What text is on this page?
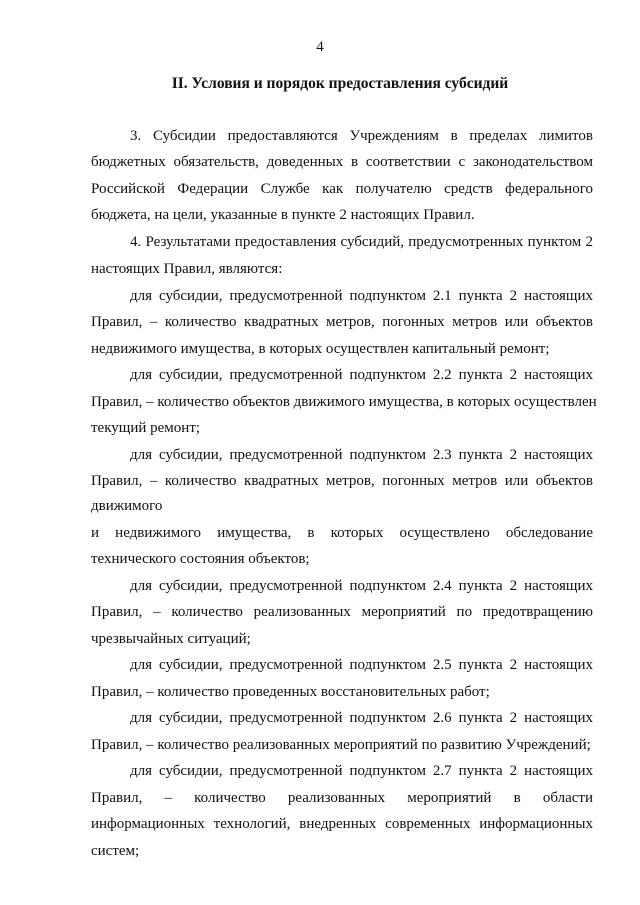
4
II. Условия и порядок предоставления субсидий
3. Субсидии предоставляются Учреждениям в пределах лимитов
бюджетных обязательств, доведенных в соответствии с законодательством
Российской Федерации Службе как получателю средств федерального
бюджета, на цели, указанные в пункте 2 настоящих Правил.
4. Результатами предоставления субсидий, предусмотренных пунктом 2
настоящих Правил, являются:
для субсидии, предусмотренной подпунктом 2.1 пункта 2 настоящих
Правил, – количество квадратных метров, погонных метров или объектов
недвижимого имущества, в которых осуществлен капитальный ремонт;
для субсидии, предусмотренной подпунктом 2.2 пункта 2 настоящих
Правил, – количество объектов движимого имущества, в которых осуществлен
текущий ремонт;
для субсидии, предусмотренной подпунктом 2.3 пункта 2 настоящих
Правил, – количество квадратных метров, погонных метров или объектов
движимого
и недвижимого имущества, в которых осуществлено обследование
технического состояния объектов;
для субсидии, предусмотренной подпунктом 2.4 пункта 2 настоящих
Правил, – количество реализованных мероприятий по предотвращению
чрезвычайных ситуаций;
для субсидии, предусмотренной подпунктом 2.5 пункта 2 настоящих
Правил, – количество проведенных восстановительных работ;
для субсидии, предусмотренной подпунктом 2.6 пункта 2 настоящих
Правил, – количество реализованных мероприятий по развитию Учреждений;
для субсидии, предусмотренной подпунктом 2.7 пункта 2 настоящих
Правил, – количество реализованных мероприятий в области
информационных технологий, внедренных современных информационных
систем;
